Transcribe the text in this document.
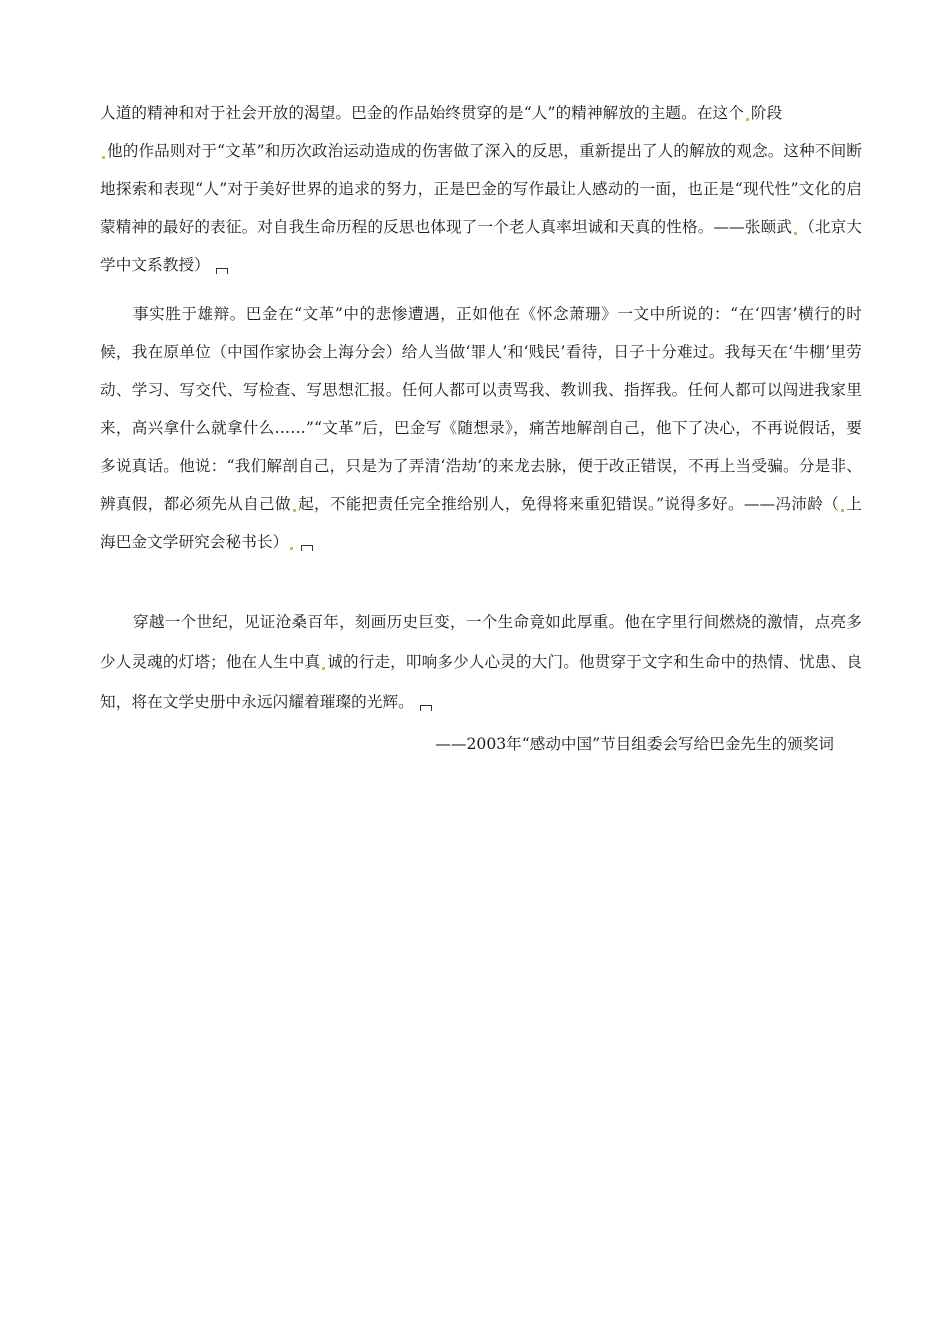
人道的精神和对于社会开放的渴望。巴金的作品始终贯穿的是“人”的精神解放的主题。在这个 阶段
他的作品则对于“文革”和历次政治运动造成的伤害做了深入的反思，重新提出了人的解放的观念。这种不间断地探索和表现“人”对于美好世界的追求的努力，正是巴金的写作最让人感动的一面，也正是“现代性”文化的启蒙精神的最好的表征。对自我生命历程的反思也体现了一个老人真率坦诚和天真的性格。——张颐武 （北京大学中文系教授）

事实胜于雄辩。巴金在“文革”中的悲惨遭遇，正如他在《怀念萧珊》一文中所说的：“在‘四害’横行的时候，我在原单位（中国作家协会上海分会）给人当做‘罪人’和‘贱民’看待，日子十分难过。我每天在‘牛棚’里劳动、学习、写交代、写检查、写思想汇报。任何人都可以责骂我、教训我、指挥我。任何人都可以闯进我家里来，高兴拿什么就拿什么……”“文革”后，巴金写《随想录》，痛苦地解剖自己，他下了决心，不再说假话，要多说真话。他说：“我们解剖自己，只是为了弄清‘浩劫’的来龙去脉，便于改正错误，不再上当受骗。分是非、辨真假，都必须先从自己做 起，不能把责任完全推给别人，免得将来重犯错误。”说得多好。——冯沛龄（ 上海巴金文学研究会秘书长）

穿越一个世纪，见证沧桑百年，刻画历史巨变，一个生命竟如此厚重。他在字里行间燃烧的激情，点亮多少人灵魂的灯塔；他在人生中真 诚的行走，叩响多少人心灵的大门。他贯穿于文字和生命中的热情、忧患、良知，将在文学史册中永远闪耀着璀璨的光辉。

——2003年“感动中国”节目组委会写给巴金先生的颁奖词
